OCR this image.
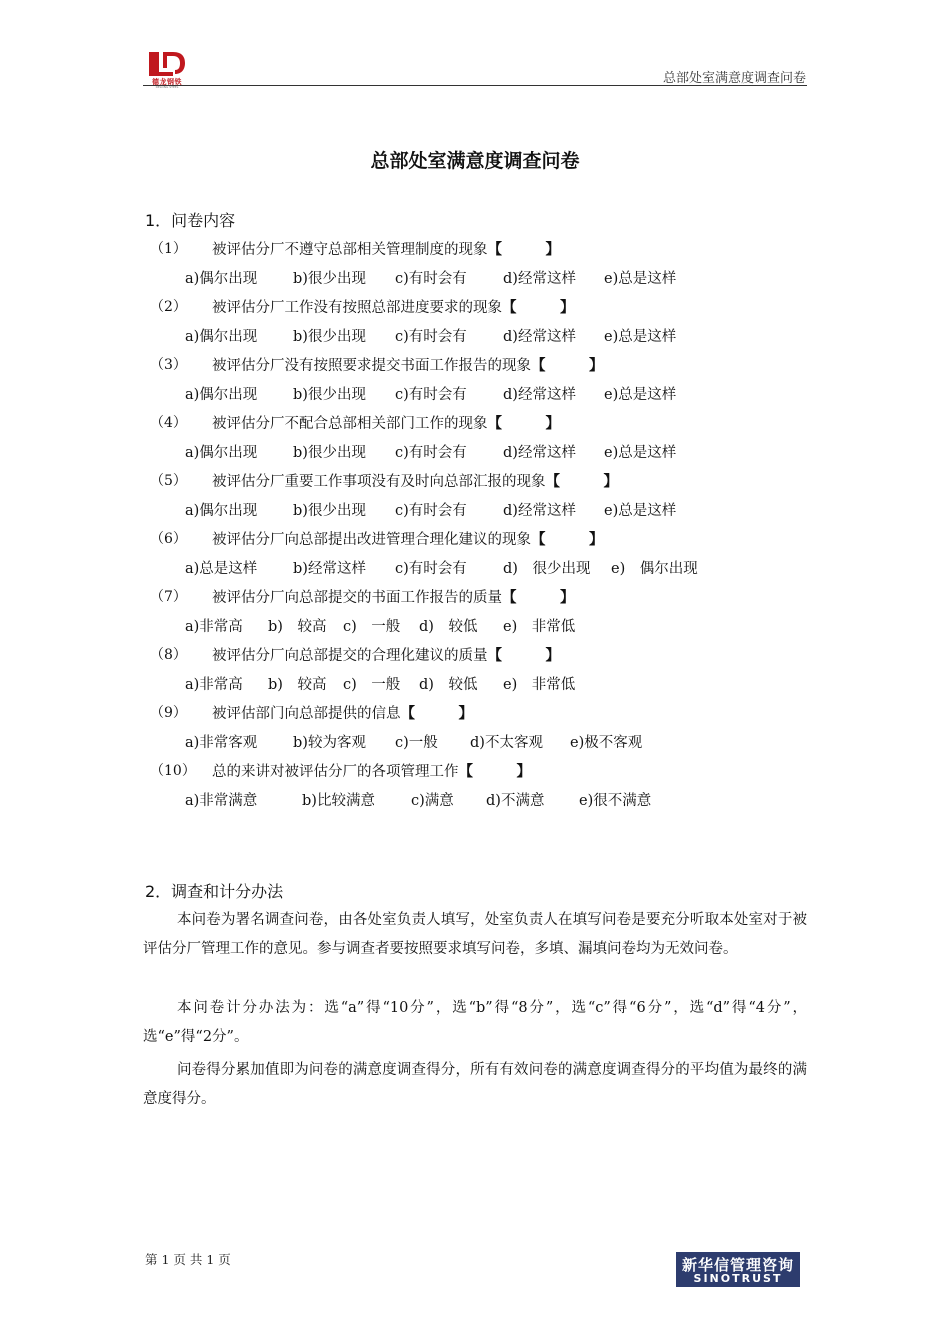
德龙钢铁
DELONG STEEL
总部处室满意度调查问卷
总部处室满意度调查问卷
1．问卷内容
（1） 被评估分厂不遵守总部相关管理制度的现象【　　　】
a)偶尔出现 b)很少出现 c)有时会有 d)经常这样 e)总是这样
（2） 被评估分厂工作没有按照总部进度要求的现象【　　　】
a)偶尔出现 b)很少出现 c)有时会有 d)经常这样 e)总是这样
（3） 被评估分厂没有按照要求提交书面工作报告的现象【　　　】
a)偶尔出现 b)很少出现 c)有时会有 d)经常这样 e)总是这样
（4） 被评估分厂不配合总部相关部门工作的现象【　　　】
a)偶尔出现 b)很少出现 c)有时会有 d)经常这样 e)总是这样
（5） 被评估分厂重要工作事项没有及时向总部汇报的现象【　　　】
a)偶尔出现 b)很少出现 c)有时会有 d)经常这样 e)总是这样
（6） 被评估分厂向总部提出改进管理合理化建议的现象【　　　】
a)总是这样 b)经常这样 c)有时会有 d)　很少出现 e)　偶尔出现
（7） 被评估分厂向总部提交的书面工作报告的质量【　　　】
a)非常高 b)　较高 c)　一般 d)　较低 e)　非常低
（8） 被评估分厂向总部提交的合理化建议的质量【　　　】
a)非常高 b)　较高 c)　一般 d)　较低 e)　非常低
（9） 被评估部门向总部提供的信息【　　　】
a)非常客观 b)较为客观 c)一般 d)不太客观 e)极不客观
（10） 总的来讲对被评估分厂的各项管理工作【　　　】
a)非常满意	b)比较满意 c)满意 d)不满意 e)很不满意
2．调查和计分办法
本问卷为署名调查问卷，由各处室负责人填写，处室负责人在填写问卷是要充分听取本处室对于被评估分厂管理工作的意见。参与调查者要按照要求填写问卷，多填、漏填问卷均为无效问卷。
本问卷计分办法为：选“a”得“10分”，选“b”得“8分”，选“c”得“6分”，选“d”得“4分”，选“e”得“2分”。
问卷得分累加值即为问卷的满意度调查得分，所有有效问卷的满意度调查得分的平均值为最终的满意度得分。
第 1 页 共 1 页	新华信管理咨询
SINOTRUST
